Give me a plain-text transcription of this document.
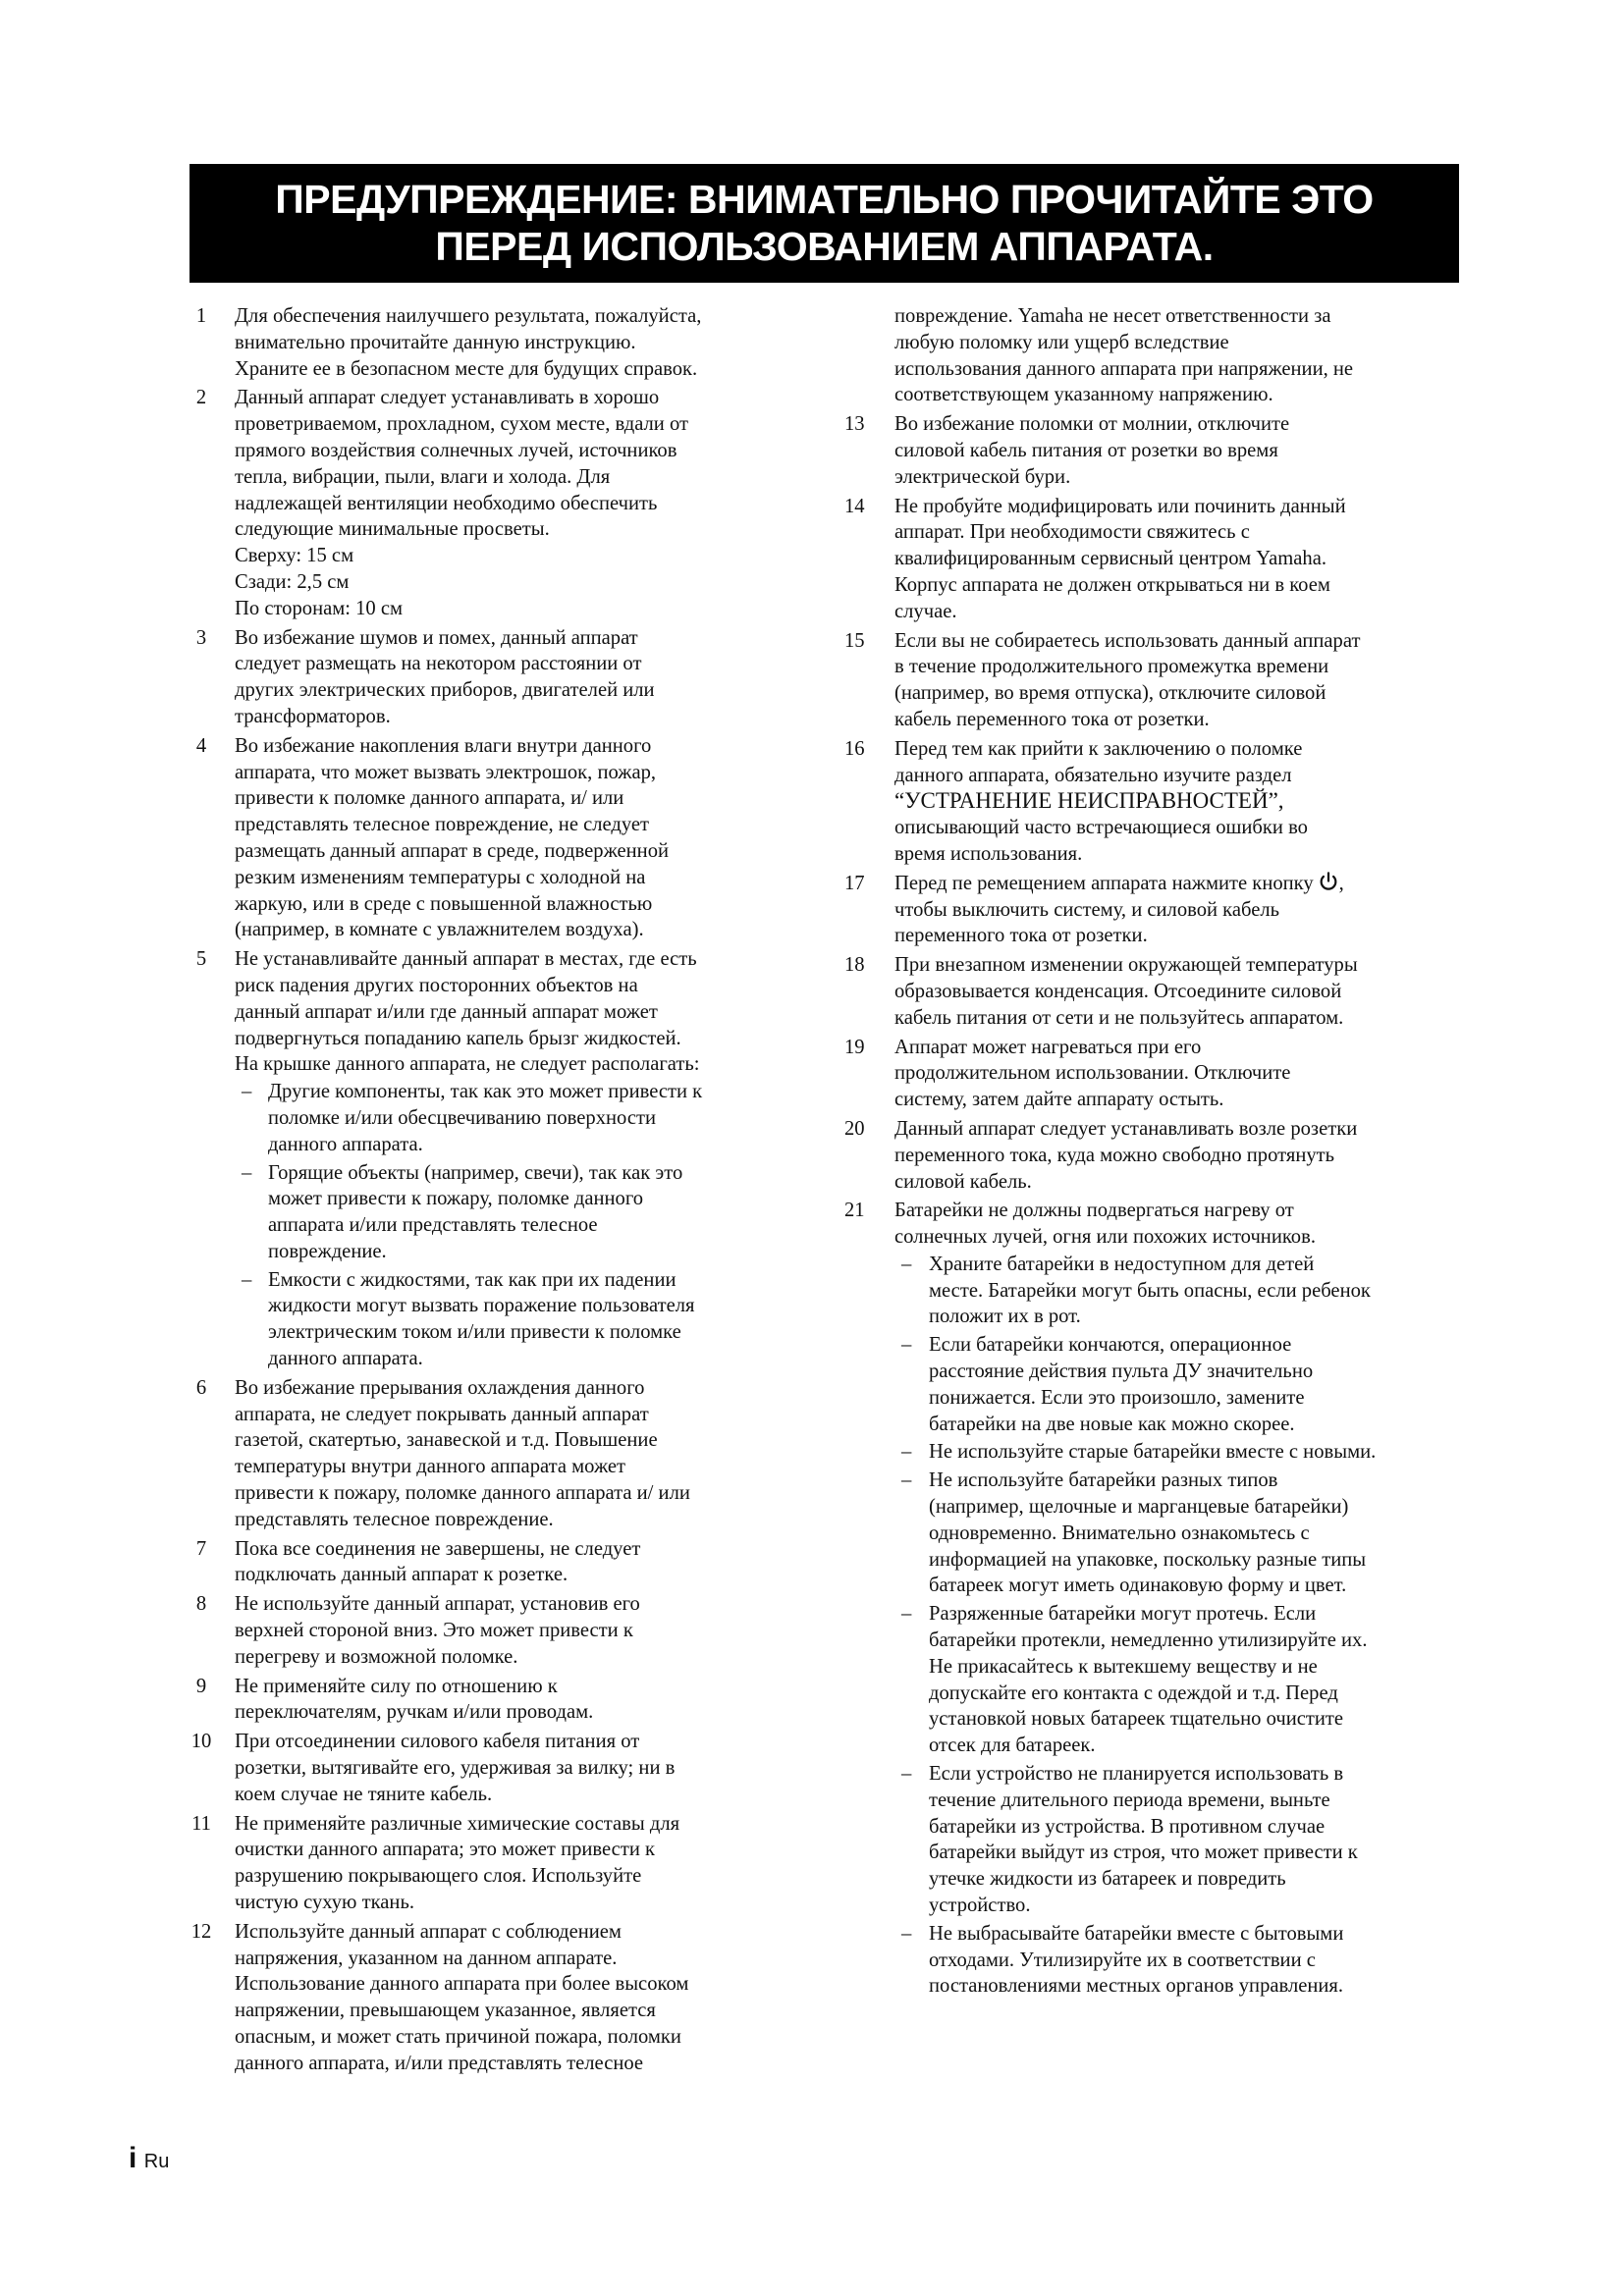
ПРЕДУПРЕЖДЕНИЕ: ВНИМАТЕЛЬНО ПРОЧИТАЙТЕ ЭТО
ПЕРЕД ИСПОЛЬЗОВАНИЕМ АППАРАТА.
1	Для обеспечения наилучшего результата, пожалуйста,
внимательно прочитайте данную инструкцию.
Храните ее в безопасном месте для будущих справок.
2	Данный аппарат следует устанавливать в хорошо
проветриваемом, прохладном, сухом месте, вдали от
прямого воздействия солнечных лучей, источников
тепла, вибрации, пыли, влаги и холода. Для
надлежащей вентиляции необходимо обеспечить
следующие минимальные просветы.
Сверху: 15 см
Сзади: 2,5 см
По сторонам: 10 см
3	Во избежание шумов и помех, данный аппарат
следует размещать на некотором расстоянии от
других электрических приборов, двигателей или
трансформаторов.
4	Во избежание накопления влаги внутри данного
аппарата, что может вызвать электрошок, пожар,
привести к поломке данного аппарата, и/ или
представлять телесное повреждение, не следует
размещать данный аппарат в среде, подверженной
резким изменениям температуры с холодной на
жаркую, или в среде с повышенной влажностью
(например, в комнате с увлажнителем воздуха).
5	Не устанавливайте данный аппарат в местах, где есть
риск падения других посторонних объектов на
данный аппарат и/или где данный аппарат может
подвергнуться попаданию капель брызг жидкостей.
На крышке данного аппарата, не следует располагать:
– Другие компоненты, так как это может привести к
поломке и/или обесцвечиванию поверхности
данного аппарата.
– Горящие объекты (например, свечи), так как это
может привести к пожару, поломке данного
аппарата и/или представлять телесное
повреждение.
– Емкости с жидкостями, так как при их падении
жидкости могут вызвать поражение пользователя
электрическим током и/или привести к поломке
данного аппарата.
6	Во избежание прерывания охлаждения данного
аппарата, не следует покрывать данный аппарат
газетой, скатертью, занавеской и т.д. Повышение
температуры внутри данного аппарата может
привести к пожару, поломке данного аппарата и/ или
представлять телесное повреждение.
7	Пока все соединения не завершены, не следует
подключать данный аппарат к розетке.
8	Не используйте данный аппарат, установив его
верхней стороной вниз. Это может привести к
перегреву и возможной поломке.
9	Не применяйте силу по отношению к
переключателям, ручкам и/или проводам.
10	При отсоединении силового кабеля питания от
розетки, вытягивайте его, удерживая за вилку; ни в
коем случае не тяните кабель.
11	Не применяйте различные химические составы для
очистки данного аппарата; это может привести к
разрушению покрывающего слоя. Используйте
чистую сухую ткань.
12	Используйте данный аппарат с соблюдением
напряжения, указанном на данном аппарате.
Использование данного аппарата при более высоком
напряжении, превышающем указанное, является
опасным, и может стать причиной пожара, поломки
данного аппарата, и/или представлять телесное
повреждение. Yamaha не несет ответственности за
любую поломку или ущерб вследствие
использования данного аппарата при напряжении, не
соответствующем указанному напряжению.
13	Во избежание поломки от молнии, отключите
силовой кабель питания от розетки во время
электрической бури.
14	Не пробуйте модифицировать или починить данный
аппарат. При необходимости свяжитесь с
квалифицированным сервисный центром Yamaha.
Корпус аппарата не должен открываться ни в коем
случае.
15	Если вы не собираетесь использовать данный аппарат
в течение продолжительного промежутка времени
(например, во время отпуска), отключите силовой
кабель переменного тока от розетки.
16	Перед тем как прийти к заключению о поломке
данного аппарата, обязательно изучите раздел
“УСТРАНЕНИЕ НЕИСПРАВНОСТЕЙ”,
описывающий часто встречающиеся ошибки во
время использования.
17	Перед пе ремещением аппарата нажмите кнопку ,
чтобы выключить систему, и силовой кабель
переменного тока от розетки.
18	При внезапном изменении окружающей температуры
образовывается конденсация. Отсоедините силовой
кабель питания от сети и не пользуйтесь аппаратом.
19	Аппарат может нагреваться при его
продолжительном использовании. Отключите
систему, затем дайте аппарату остыть.
20	Данный аппарат следует устанавливать возле розетки
переменного тока, куда можно свободно протянуть
силовой кабель.
21	Батарейки не должны подвергаться нагреву от
солнечных лучей, огня или похожих источников.
– Храните батарейки в недоступном для детей
месте. Батарейки могут быть опасны, если ребенок
положит их в рот.
– Если батарейки кончаются, операционное
расстояние действия пульта ДУ значительно
понижается. Если это произошло, замените
батарейки на две новые как можно скорее.
– Не используйте старые батарейки вместе с новыми.
– Не используйте батарейки разных типов
(например, щелочные и марганцевые батарейки)
одновременно. Внимательно ознакомьтесь с
информацией на упаковке, поскольку разные типы
батареек могут иметь одинаковую форму и цвет.
– Разряженные батарейки могут протечь. Если
батарейки протекли, немедленно утилизируйте их.
Не прикасайтесь к вытекшему веществу и не
допускайте его контакта с одеждой и т.д. Перед
установкой новых батареек тщательно очистите
отсек для батареек.
– Если устройство не планируется использовать в
течение длительного периода времени, выньте
батарейки из устройства. В противном случае
батарейки выйдут из строя, что может привести к
утечке жидкости из батареек и повредить
устройство.
– Не выбрасывайте батарейки вместе с бытовыми
отходами. Утилизируйте их в соответствии с
постановлениями местных органов управления.
i Ru
